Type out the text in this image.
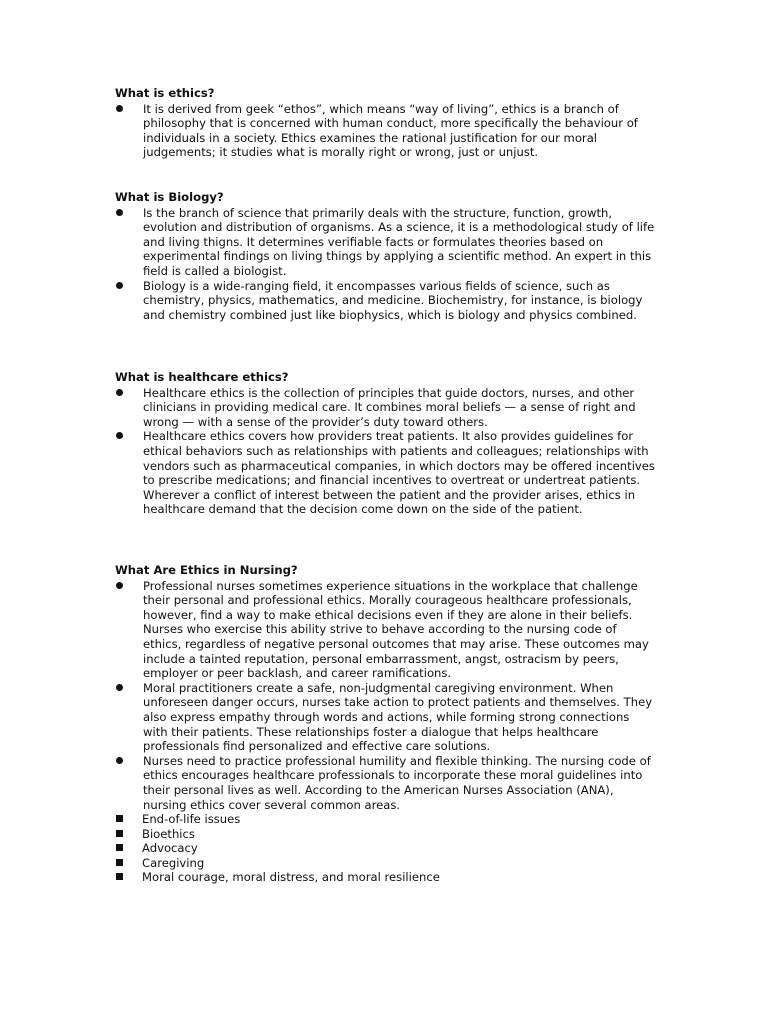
What is ethics?
It is derived from geek “ethos”, which means “way of living”, ethics is a branch of philosophy that is concerned with human conduct, more specifically the behaviour of individuals in a society. Ethics examines the rational justification for our moral judgements; it studies what is morally right or wrong, just or unjust.
What is Biology?
Is the branch of science that primarily deals with the structure, function, growth, evolution and distribution of organisms. As a science, it is a methodological study of life and living thigns. It determines verifiable facts or formulates theories based on experimental findings on living things by applying a scientific method. An expert in this field is called a biologist.
Biology is a wide-ranging field, it encompasses various fields of science, such as chemistry, physics, mathematics, and medicine. Biochemistry, for instance, is biology and chemistry combined just like biophysics, which is biology and physics combined.
What is healthcare ethics?
Healthcare ethics is the collection of principles that guide doctors, nurses, and other clinicians in providing medical care. It combines moral beliefs — a sense of right and wrong — with a sense of the provider’s duty toward others.
Healthcare ethics covers how providers treat patients. It also provides guidelines for ethical behaviors such as relationships with patients and colleagues; relationships with vendors such as pharmaceutical companies, in which doctors may be offered incentives to prescribe medications; and financial incentives to overtreat or undertreat patients. Wherever a conflict of interest between the patient and the provider arises, ethics in healthcare demand that the decision come down on the side of the patient.
What Are Ethics in Nursing?
Professional nurses sometimes experience situations in the workplace that challenge their personal and professional ethics. Morally courageous healthcare professionals, however, find a way to make ethical decisions even if they are alone in their beliefs. Nurses who exercise this ability strive to behave according to the nursing code of ethics, regardless of negative personal outcomes that may arise. These outcomes may include a tainted reputation, personal embarrassment, angst, ostracism by peers, employer or peer backlash, and career ramifications.
Moral practitioners create a safe, non-judgmental caregiving environment. When unforeseen danger occurs, nurses take action to protect patients and themselves. They also express empathy through words and actions, while forming strong connections with their patients. These relationships foster a dialogue that helps healthcare professionals find personalized and effective care solutions.
Nurses need to practice professional humility and flexible thinking. The nursing code of ethics encourages healthcare professionals to incorporate these moral guidelines into their personal lives as well. According to the American Nurses Association (ANA), nursing ethics cover several common areas.
End-of-life issues
Bioethics
Advocacy
Caregiving
Moral courage, moral distress, and moral resilience
